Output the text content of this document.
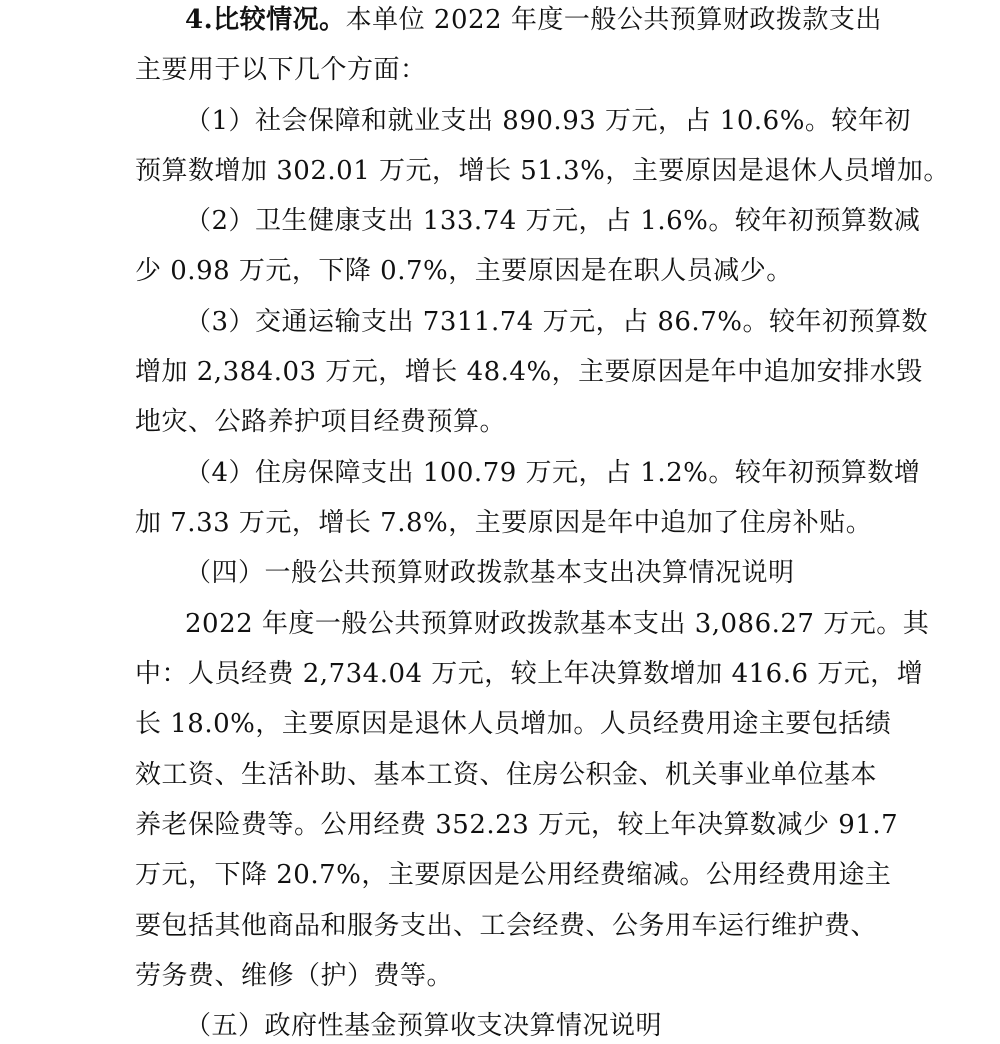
4.比较情况。本单位 2022 年度一般公共预算财政拨款支出
主要用于以下几个方面：
（1）社会保障和就业支出 890.93 万元，占 10.6%。较年初
预算数增加 302.01 万元，增长 51.3%，主要原因是退休人员增加。
（2）卫生健康支出 133.74 万元，占 1.6%。较年初预算数减
少 0.98 万元，下降 0.7%，主要原因是在职人员减少。
（3）交通运输支出 7311.74 万元，占 86.7%。较年初预算数
增加 2,384.03 万元，增长 48.4%，主要原因是年中追加安排水毁
地灾、公路养护项目经费预算。
（4）住房保障支出 100.79 万元，占 1.2%。较年初预算数增
加 7.33 万元，增长 7.8%，主要原因是年中追加了住房补贴。
（四）一般公共预算财政拨款基本支出决算情况说明
2022 年度一般公共预算财政拨款基本支出 3,086.27 万元。其
中：人员经费 2,734.04 万元，较上年决算数增加 416.6 万元，增
长 18.0%，主要原因是退休人员增加。人员经费用途主要包括绩
效工资、生活补助、基本工资、住房公积金、机关事业单位基本
养老保险费等。公用经费 352.23 万元，较上年决算数减少 91.7
万元，下降 20.7%，主要原因是公用经费缩减。公用经费用途主
要包括其他商品和服务支出、工会经费、公务用车运行维护费、
劳务费、维修（护）费等。
（五）政府性基金预算收支决算情况说明
